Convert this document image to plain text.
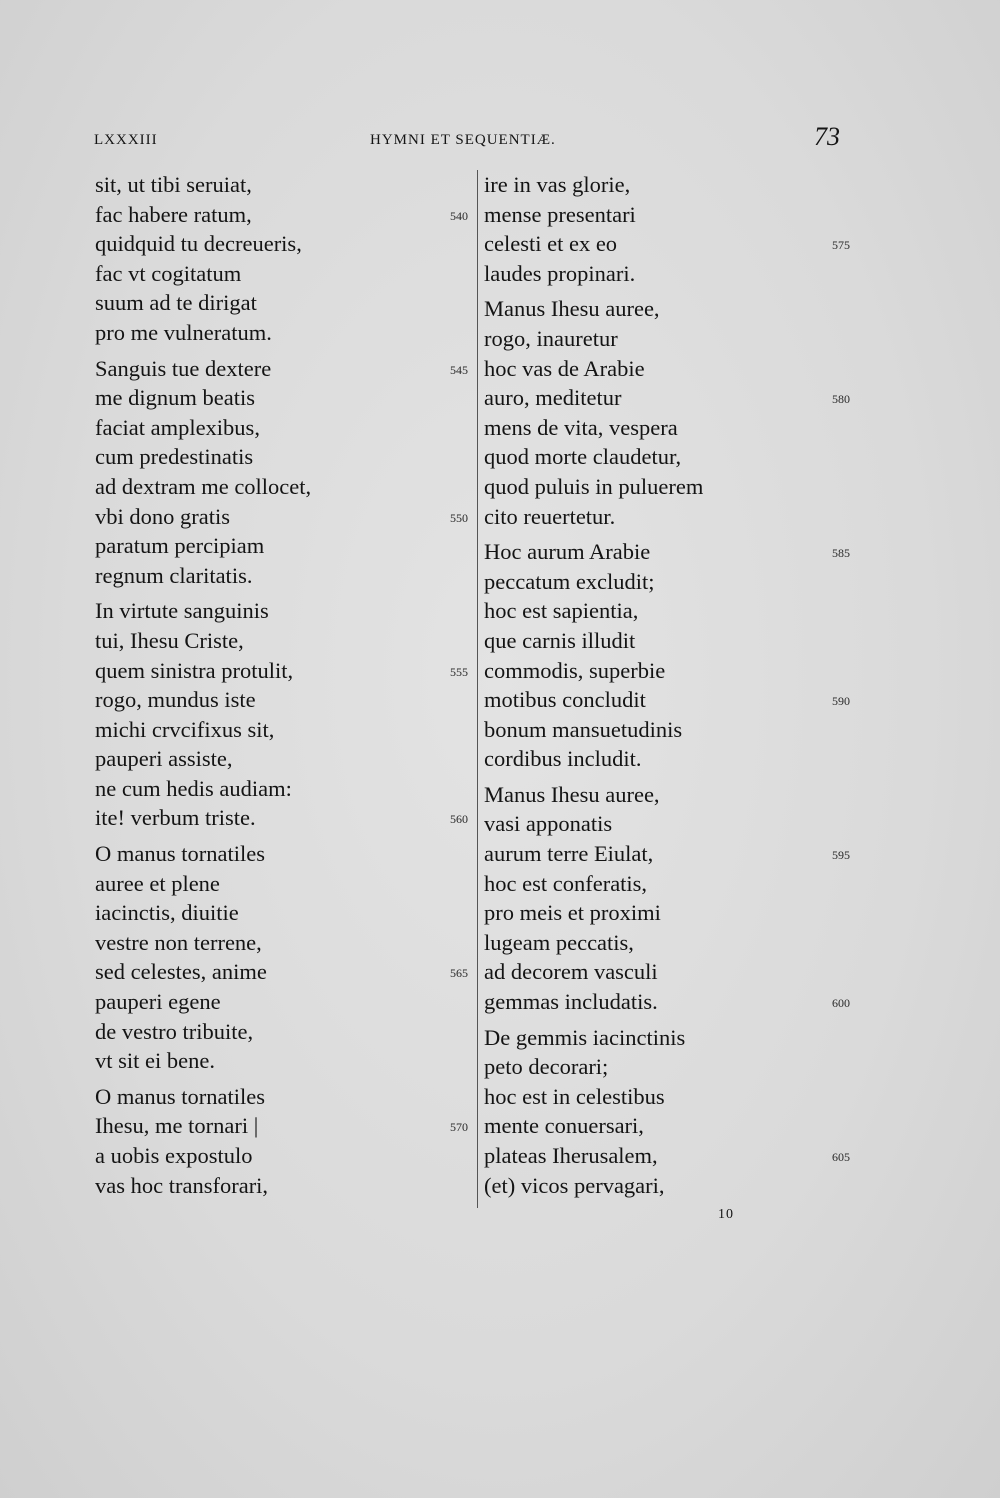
LXXXIII	HYMNI ET SEQUENTIÆ.	73
sit, ut tibi seruiat,
fac habere ratum,	540
quidquid tu decreueris,
fac vt cogitatum
suum ad te dirigat
pro me vulneratum.
Sanguis tue dextere	545
me dignum beatis
faciat amplexibus,
cum predestinatis
ad dextram me collocet,
vbi dono gratis	550
paratum percipiam
regnum claritatis.
In virtute sanguinis
tui, Ihesu Criste,
quem sinistra protulit,	555
rogo, mundus iste
michi crvcifixus sit,
pauperi assiste,
ne cum hedis audiam:
ite! verbum triste.	560
O manus tornatiles
auree et plene
iacinctis, diuitie
vestre non terrene,
sed celestes, anime	565
pauperi egene
de vestro tribuite,
vt sit ei bene.
O manus tornatiles
Ihesu, me tornari |	570
a uobis expostulo
vas hoc transforari,
ire in vas glorie,
mense presentari
celesti et ex eo	575
laudes propinari.
Manus Ihesu auree,
rogo, inauretur
hoc vas de Arabie
auro, meditetur	580
mens de vita, vespera
quod morte claudetur,
quod puluis in puluerem
cito reuertetur.
Hoc aurum Arabie	585
peccatum excludit;
hoc est sapientia,
que carnis illudit
commodis, superbie
motibus concludit	590
bonum mansuetudinis
cordibus includit.
Manus Ihesu auree,
vasi apponatis
aurum terre Eiulat,	595
hoc est conferatis,
pro meis et proximi
lugeam peccatis,
ad decorem vasculi
gemmas includatis.	600
De gemmis iacinctinis
peto decorari;
hoc est in celestibus
mente conuersari,
plateas Iherusalem,	605
(et) vicos pervagari,
10
